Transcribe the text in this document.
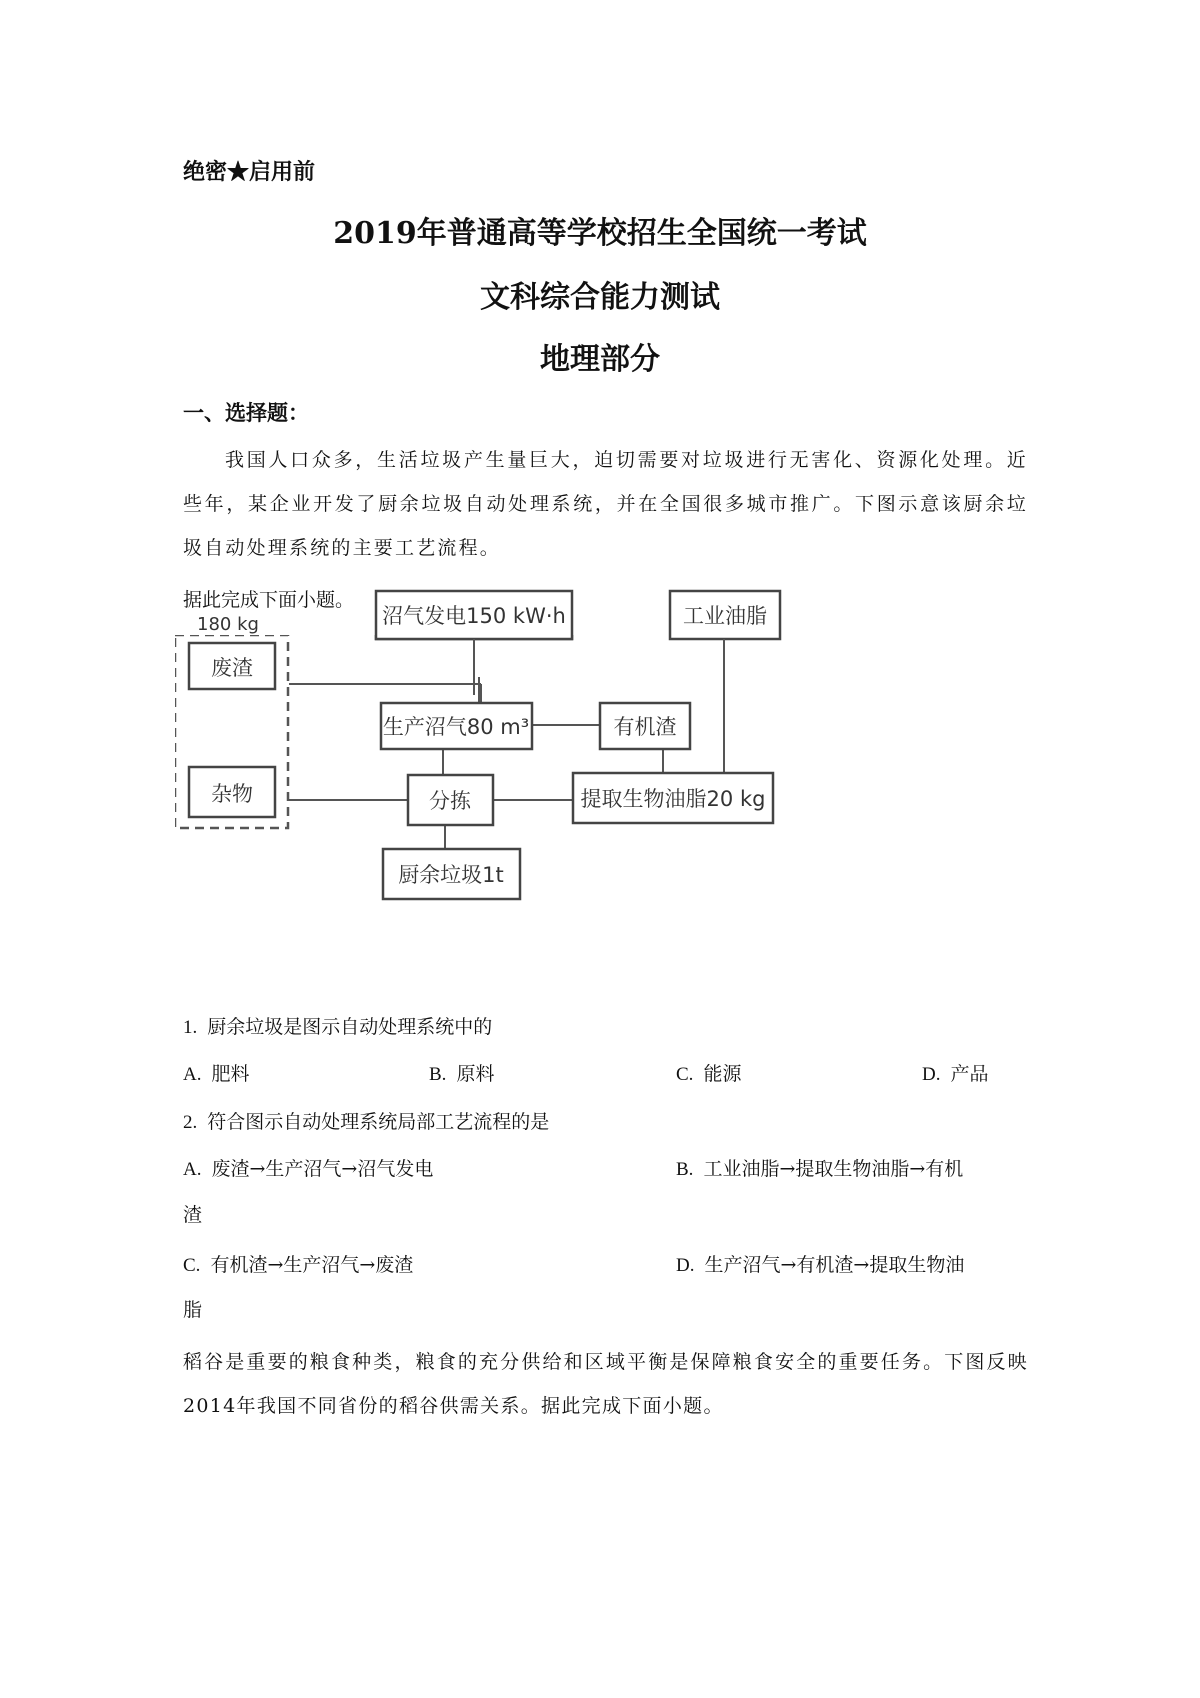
绝密★启用前
2019年普通高等学校招生全国统一考试
文科综合能力测试
地理部分
一、选择题：
我国人口众多，生活垃圾产生量巨大，迫切需要对垃圾进行无害化、资源化处理。近些年，某企业开发了厨余垃圾自动处理系统，并在全国很多城市推广。下图示意该厨余垃圾自动处理系统的主要工艺流程。
据此完成下面小题。
废渣
杂物
生产沼气80 m³	有机渣
分拣	提取生物油脂20 kg
厨余垃圾1t
180 kg	沼气发电150 kW·h	工业油脂
1. 厨余垃圾是图示自动处理系统中的
A. 肥料	B. 原料	C. 能源	D. 产品
2. 符合图示自动处理系统局部工艺流程的是
A. 废渣→生产沼气→沼气发电	B. 工业油脂→提取生物油脂→有机
渣
C. 有机渣→生产沼气→废渣	D. 生产沼气→有机渣→提取生物油
脂
稻谷是重要的粮食种类，粮食的充分供给和区域平衡是保障粮食安全的重要任务。下图反映2014年我国不同省份的稻谷供需关系。据此完成下面小题。
